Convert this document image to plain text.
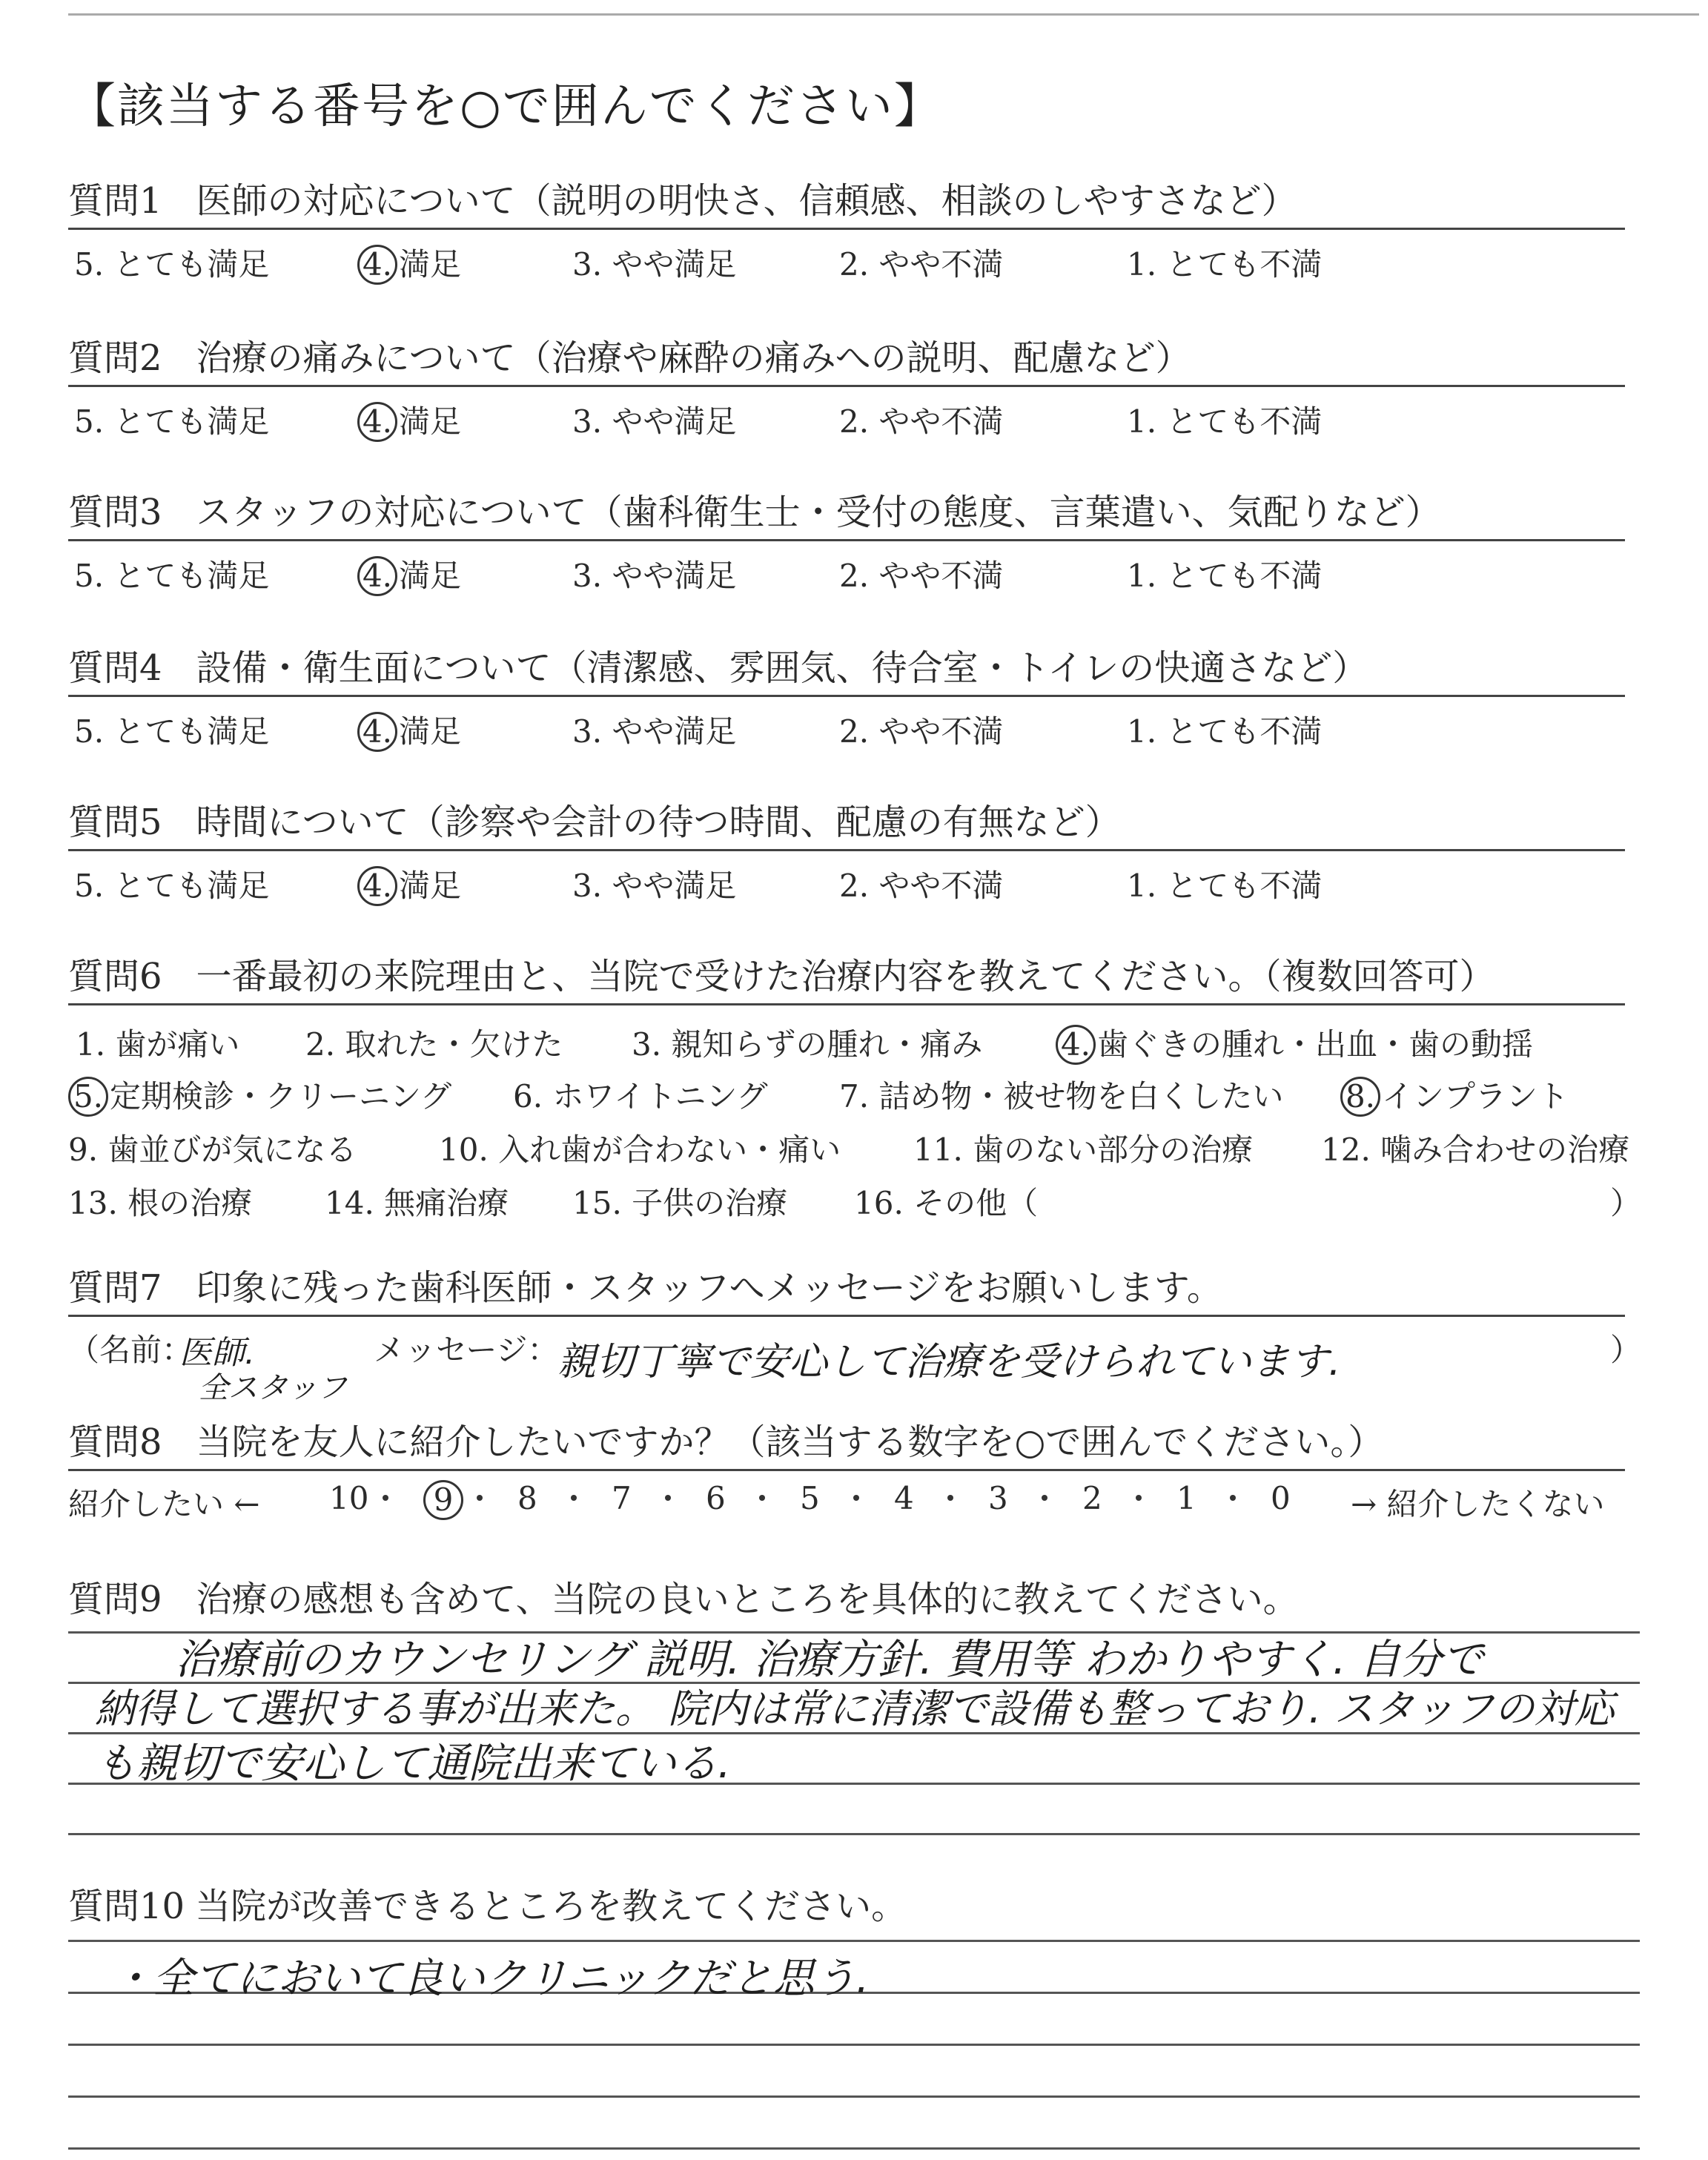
【該当する番号を○で囲んでください】
質問1 医師の対応について（説明の明快さ、信頼感、相談のしやすさなど）
5. とても満足	4. 満足	3. やや満足	2. やや不満	1. とても不満
質問2 治療の痛みについて（治療や麻酔の痛みへの説明、配慮など）
5. とても満足	4. 満足	3. やや満足	2. やや不満	1. とても不満
質問3 スタッフの対応について（歯科衛生士・受付の態度、言葉遣い、気配りなど）
5. とても満足	4. 満足	3. やや満足	2. やや不満	1. とても不満
質問4 設備・衛生面について（清潔感、雰囲気、待合室・トイレの快適さなど）
5. とても満足	4. 満足	3. やや満足	2. やや不満	1. とても不満
質問5 時間について（診察や会計の待つ時間、配慮の有無など）
5. とても満足	4. 満足	3. やや満足	2. やや不満	1. とても不満
質問6 一番最初の来院理由と、当院で受けた治療内容を教えてください。（複数回答可）
1. 歯が痛い 2. 取れた・欠けた 3. 親知らずの腫れ・痛み	4. 歯ぐきの腫れ・出血・歯の動揺
5. 定期検診・クリーニング 6. ホワイトニング 7. 詰め物・被せ物を白くしたい 8. インプラント
9. 歯並びが気になる	10. 入れ歯が合わない・痛い 11. 歯のない部分の治療 12. 噛み合わせの治療
13. 根の治療 14. 無痛治療 15. 子供の治療 16. その他（	）
質問7 印象に残った歯科医師・スタッフへメッセージをお願いします。
（名前：
医師.
全スタッフ
メッセージ：
親切丁寧で安心して治療を受けられています.	）
質問8 当院を友人に紹介したいですか？（該当する数字を○で囲んでください。）
紹介したい ←	→ 紹介したくない
10	9	8 7 6 5 4 3 2 1 0
質問9 治療の感想も含めて、当院の良いところを具体的に教えてください。
治療前のカウンセリング 説明. 治療方針. 費用等 わかりやすく. 自分で
納得して選択する事が出来た。 院内は常に清潔で設備も整っており. スタッフの対応
も親切で安心して通院出来ている.
質問10 当院が改善できるところを教えてください。
・全てにおいて良いクリニックだと思う.
